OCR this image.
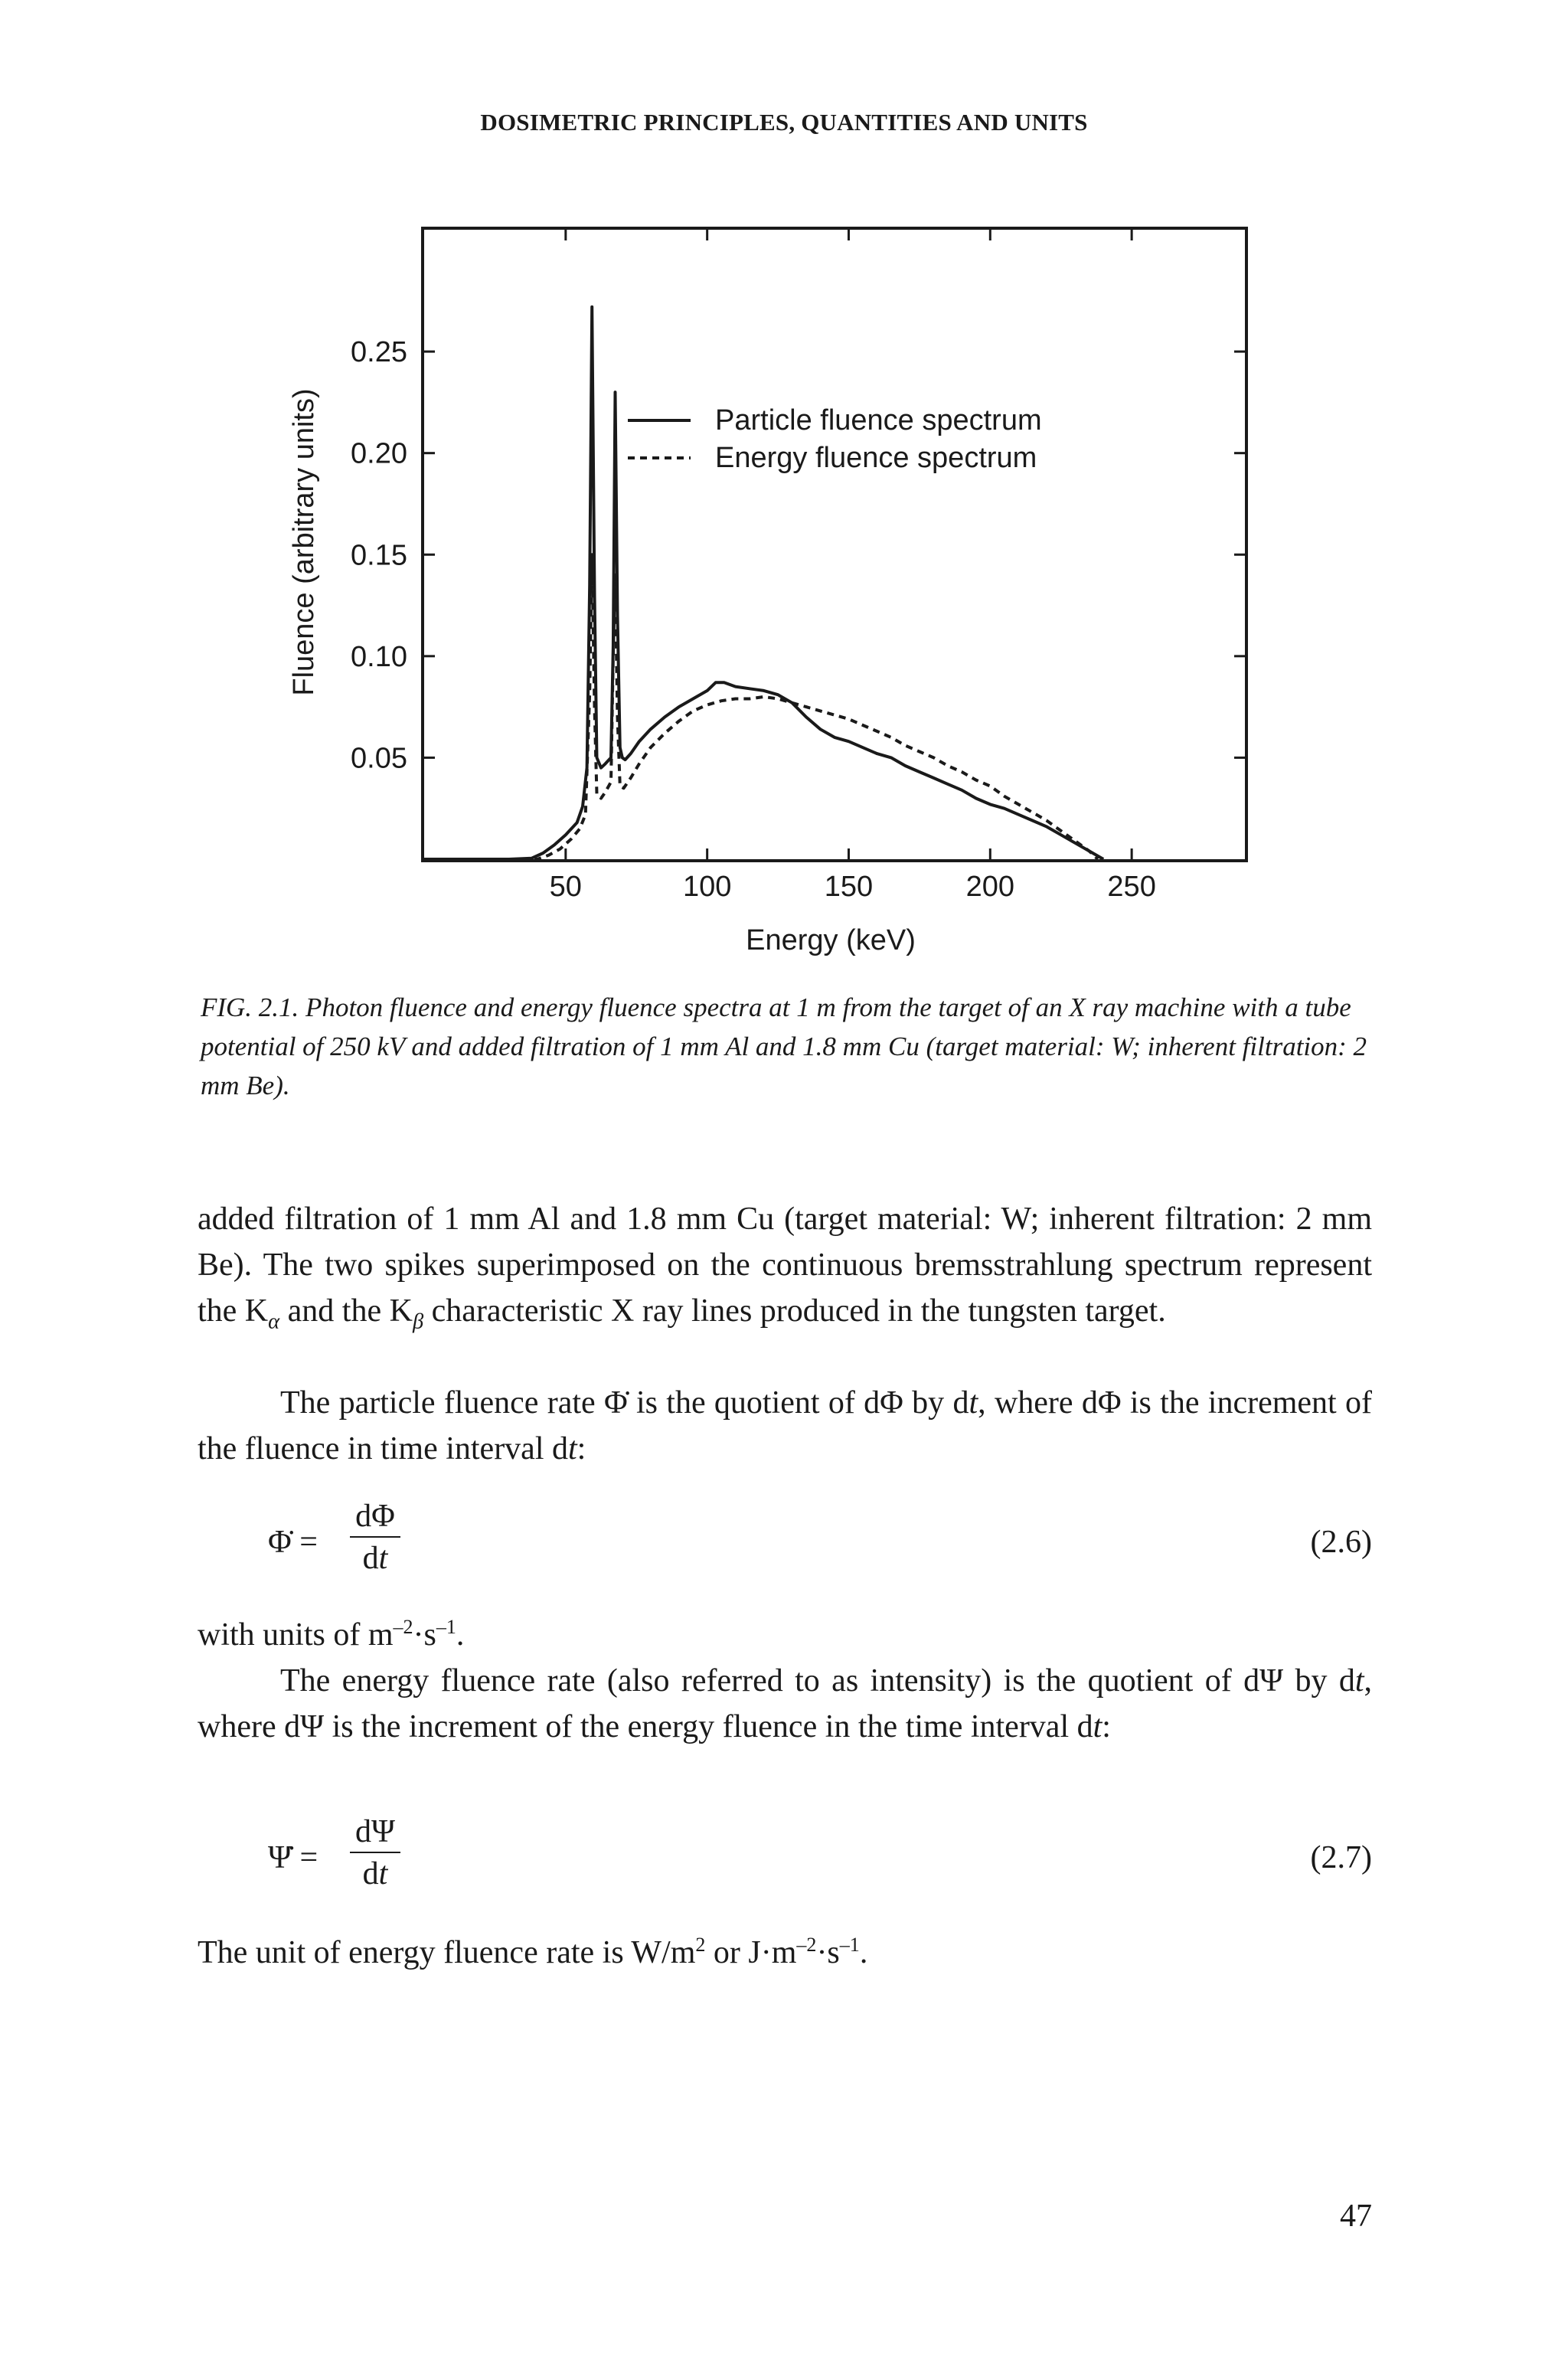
DOSIMETRIC PRINCIPLES, QUANTITIES AND UNITS
50	100	150	200	250
0.05
0.10
0.15
0.20
0.25
Particle fluence spectrum
Energy fluence spectrum
Energy (keV)
Fluence (arbitrary units)
FIG. 2.1. Photon fluence and energy fluence spectra at 1 m from the target of an X ray machine with a tube potential of 250 kV and added filtration of 1 mm Al and 1.8 mm Cu (target material: W; inherent filtration: 2 mm Be).
added filtration of 1 mm Al and 1.8 mm Cu (target material: W; inherent filtration: 2 mm Be). The two spikes superimposed on the continuous bremsstrahlung spectrum represent the $K_\alpha$ and the $K_\beta$ characteristic X ray lines produced in the tungsten target.
The particle fluence rate Φ̇ is the quotient of dΦ by dt, where dΦ is the increment of the fluence in time interval dt:
Φ̇ =
dΦ
dt	(2.6)
with units of $m^{-2}\cdot s^{-1}$.
The energy fluence rate (also referred to as intensity) is the quotient of dΨ by dt, where dΨ is the increment of the energy fluence in the time interval dt:
Ψ̇ =
dΨ
dt	(2.7)
The unit of energy fluence rate is $W/m^2$ or $J\cdot m^{-2}\cdot s^{-1}$.
47
